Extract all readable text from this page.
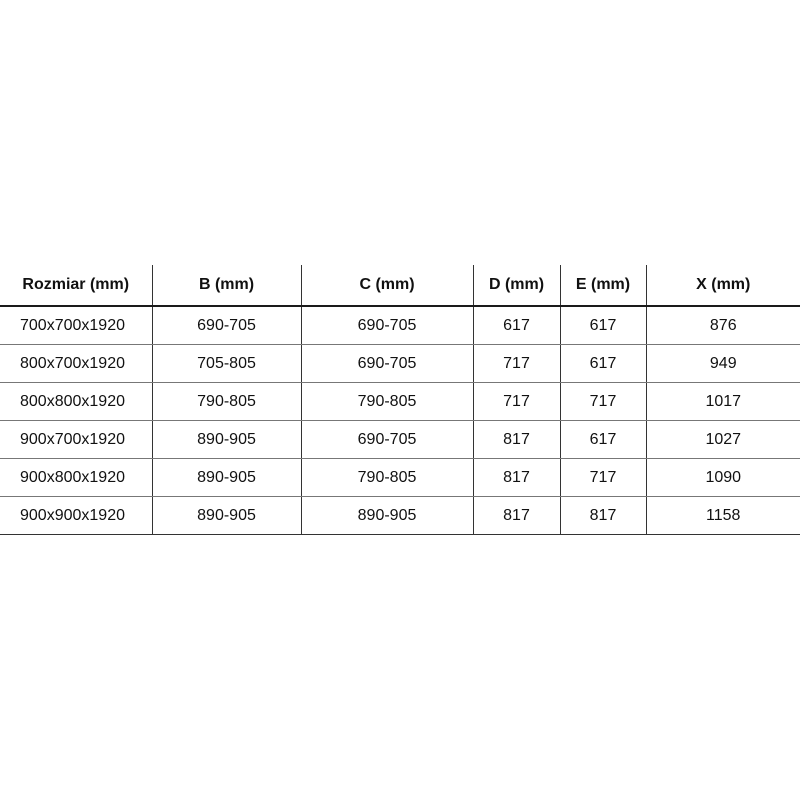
Rozmiar (mm)	B (mm)	C (mm)	D (mm)	E (mm)	X (mm)
700x700x1920	690-705	690-705	617	617	876
800x700x1920	705-805	690-705	717	617	949
800x800x1920	790-805	790-805	717	717	1017
900x700x1920	890-905	690-705	817	617	1027
900x800x1920	890-905	790-805	817	717	1090
900x900x1920	890-905	890-905	817	817	1158
